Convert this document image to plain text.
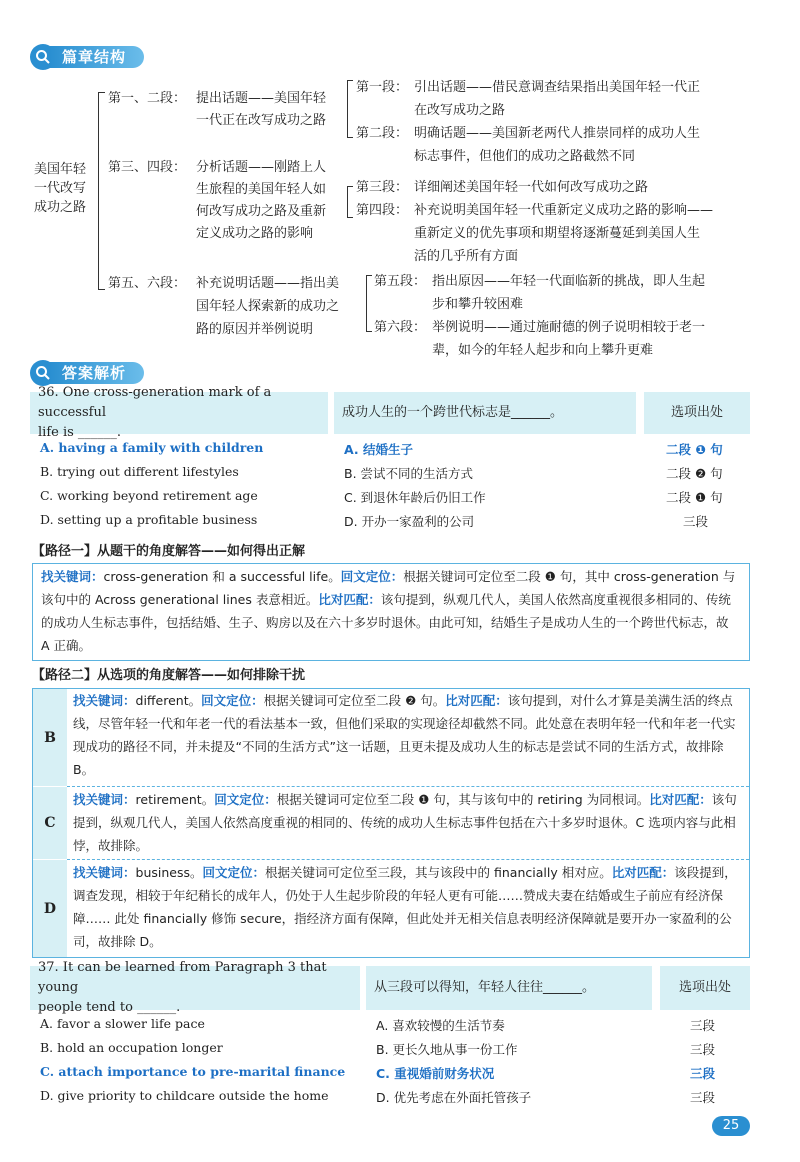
篇章结构
美国年轻
一代改写
成功之路
第一、二段： 提出话题——美国年轻
一代正在改写成功之路
第三、四段： 分析话题——刚踏上人
生旅程的美国年轻人如
何改写成功之路及重新
定义成功之路的影响
第五、六段： 补充说明话题——指出美
国年轻人探索新的成功之
路的原因并举例说明
第一段： 引出话题——借民意调查结果指出美国年轻一代正
在改写成功之路
第二段： 明确话题——美国新老两代人推崇同样的成功人生
标志事件，但他们的成功之路截然不同
第三段： 详细阐述美国年轻一代如何改写成功之路
第四段： 补充说明美国年轻一代重新定义成功之路的影响——
重新定义的优先事项和期望将逐渐蔓延到美国人生
活的几乎所有方面
第五段： 指出原因——年轻一代面临新的挑战，即人生起
步和攀升较困难
第六段： 举例说明——通过施耐德的例子说明相较于老一
辈，如今的年轻人起步和向上攀升更难
答案解析
36. One cross-generation mark of a successful
life is ______.
成功人生的一个跨世代标志是______。	选项出处
A. having a family with children	A. 结婚生子	二段 ❶ 句
B. trying out different lifestyles	B. 尝试不同的生活方式	二段 ❷ 句
C. working beyond retirement age	C. 到退休年龄后仍旧工作	二段 ❶ 句
D. setting up a profitable business	D. 开办一家盈利的公司	三段
【路径一】从题干的角度解答——如何得出正解
找关键词：cross-generation 和 a successful life。回文定位：根据关键词可定位至二段 ❶ 句，其中 cross-generation 与该句中的 Across generational lines 表意相近。比对匹配：该句提到，纵观几代人，美国人依然高度重视很多相同的、传统的成功人生标志事件，包括结婚、生子、购房以及在六十多岁时退休。由此可知，结婚生子是成功人生的一个跨世代标志，故 A 正确。
【路径二】从选项的角度解答——如何排除干扰
B
找关键词：different。回文定位：根据关键词可定位至二段 ❷ 句。比对匹配：该句提到，对什么才算是美满生活的终点线，尽管年轻一代和年老一代的看法基本一致，但他们采取的实现途径却截然不同。此处意在表明年轻一代和年老一代实现成功的路径不同，并未提及“不同的生活方式”这一话题，且更未提及成功人生的标志是尝试不同的生活方式，故排除 B。
C
找关键词：retirement。回文定位：根据关键词可定位至二段 ❶ 句，其与该句中的 retiring 为同根词。比对匹配：该句提到，纵观几代人，美国人依然高度重视的相同的、传统的成功人生标志事件包括在六十多岁时退休。C 选项内容与此相悖，故排除。
D
找关键词：business。回文定位：根据关键词可定位至三段，其与该段中的 financially 相对应。比对匹配：该段提到，调查发现，相较于年纪稍长的成年人，仍处于人生起步阶段的年轻人更有可能……赞成夫妻在结婚或生子前应有经济保障…… 此处 financially 修饰 secure，指经济方面有保障，但此处并无相关信息表明经济保障就是要开办一家盈利的公司，故排除 D。
37. It can be learned from Paragraph 3 that young
people tend to ______.
从三段可以得知，年轻人往往______。	选项出处
A. favor a slower life pace	A. 喜欢较慢的生活节奏	三段
B. hold an occupation longer	B. 更长久地从事一份工作	三段
C. attach importance to pre-marital finance C. 重视婚前财务状况	三段
D. give priority to childcare outside the home	D. 优先考虑在外面托管孩子	三段
25
